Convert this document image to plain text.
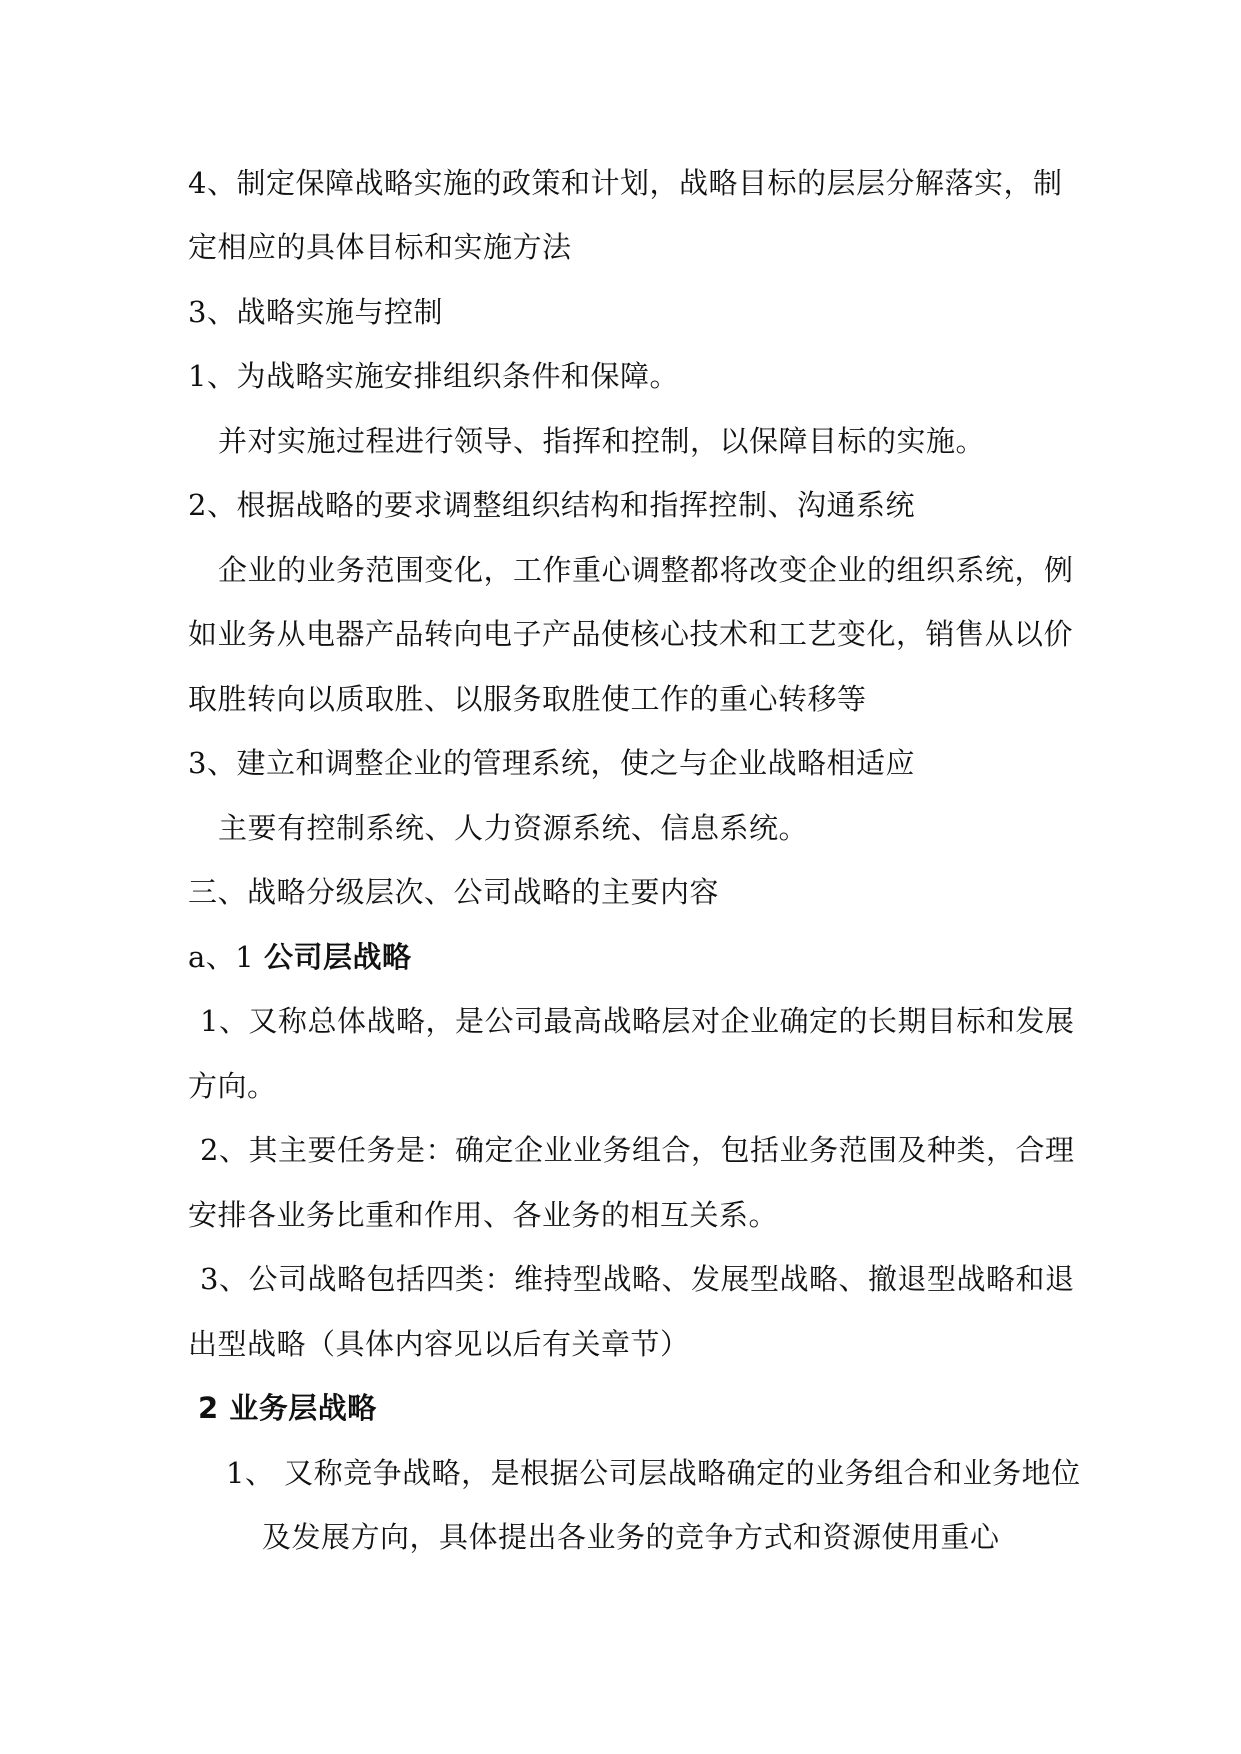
4、制定保障战略实施的政策和计划，战略目标的层层分解落实，制
定相应的具体目标和实施方法
3、战略实施与控制
1、为战略实施安排组织条件和保障。
并对实施过程进行领导、指挥和控制，以保障目标的实施。
2、根据战略的要求调整组织结构和指挥控制、沟通系统
企业的业务范围变化，工作重心调整都将改变企业的组织系统，例
如业务从电器产品转向电子产品使核心技术和工艺变化，销售从以价
取胜转向以质取胜、以服务取胜使工作的重心转移等
3、建立和调整企业的管理系统，使之与企业战略相适应
主要有控制系统、人力资源系统、信息系统。
三、战略分级层次、公司战略的主要内容
a、1 公司层战略
1、又称总体战略，是公司最高战略层对企业确定的长期目标和发展
方向。
2、其主要任务是：确定企业业务组合，包括业务范围及种类，合理
安排各业务比重和作用、各业务的相互关系。
3、公司战略包括四类：维持型战略、发展型战略、撤退型战略和退
出型战略（具体内容见以后有关章节）
2 业务层战略
1、 又称竞争战略，是根据公司层战略确定的业务组合和业务地位
及发展方向，具体提出各业务的竞争方式和资源使用重心
